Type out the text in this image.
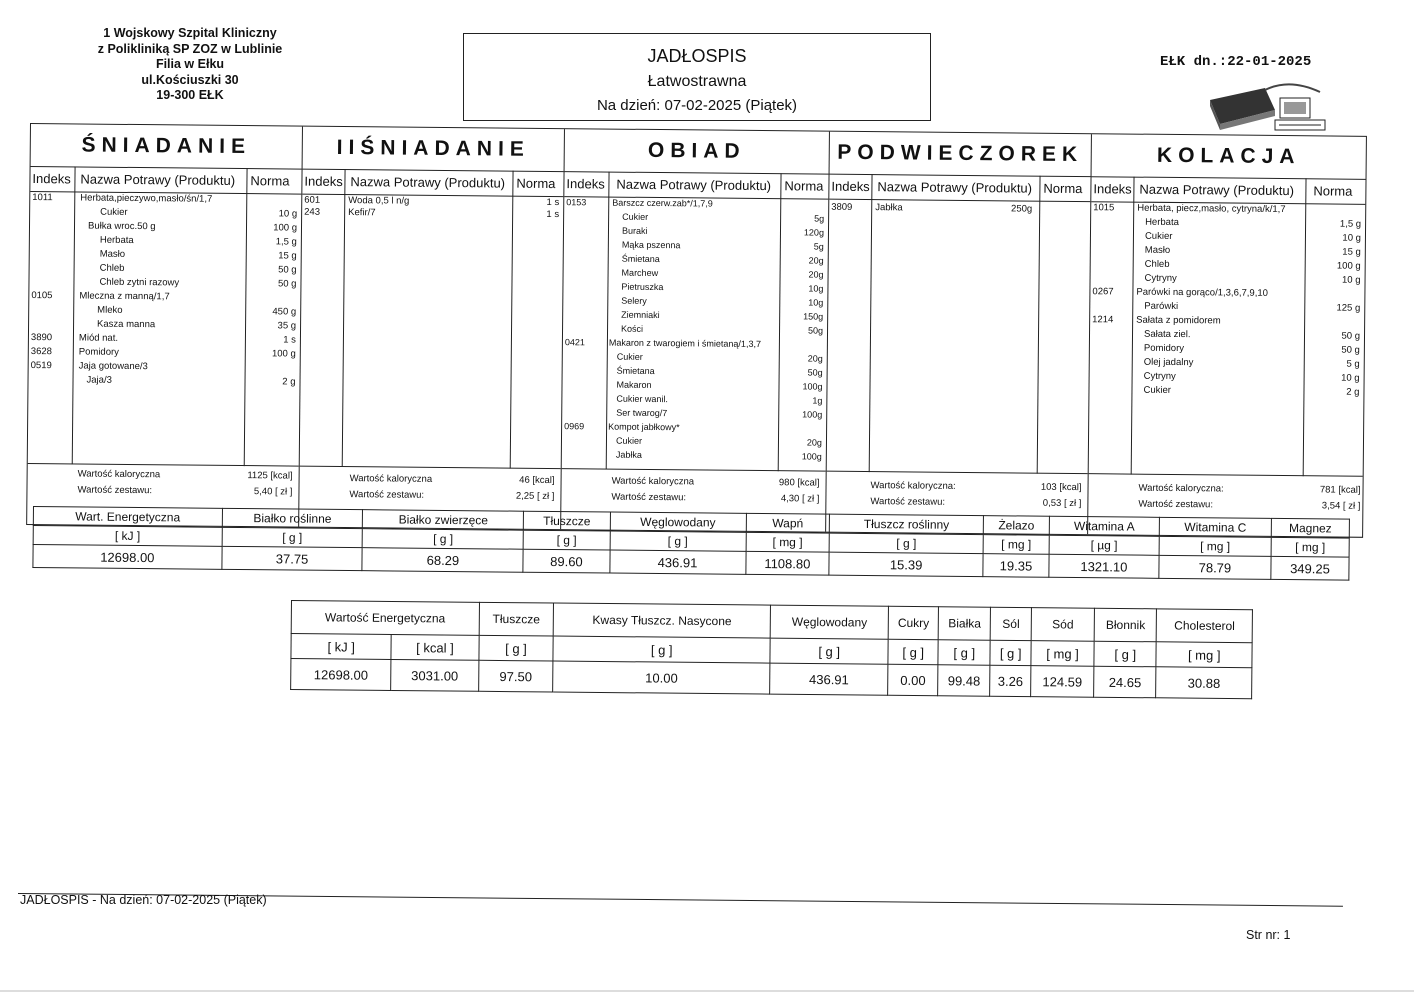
1 Wojskowy Szpital Kliniczny
z Polikliniką SP ZOZ w Lublinie
Filia w Ełku
ul.Kościuszki 30
19-300 EŁK
JADŁOSPIS
Łatwostrawna
Na dzień: 07-02-2025 (Piątek)
EŁK dn.:22-01-2025
ŚNIADANIE
Indeks Nazwa Potrawy (Produktu) Norma
1011	Herbata,pieczywo,masło/śn/1,7
Cukier	10 g
Bułka wroc.50 g	100 g
Herbata	1,5 g
Masło	15 g
Chleb	50 g
Chleb zytni razowy	50 g
0105	Mleczna z manną/1,7
Mleko	450 g
Kasza manna	35 g
3890	Miód nat.	1 s
3628	Pomidory	100 g
0519	Jaja gotowane/3
Jaja/3	2 g
Wartość kaloryczna	1125 [kcal]
Wartość zestawu:	5,40 [ zł ]
IIŚNIADANIE
Indeks Nazwa Potrawy (Produktu) Norma
601	Woda 0,5 l n/g	1 s
243	Kefir/7	1 s
Wartość kaloryczna	46 [kcal]
Wartość zestawu:	2,25 [ zł ]
OBIAD
Indeks Nazwa Potrawy (Produktu) Norma
0153	Barszcz czerw.zab*/1,7,9
Cukier	5g
Buraki	120g
Mąka pszenna	5g
Śmietana	20g
Marchew	20g
Pietruszka	10g
Selery	10g
Ziemniaki	150g
Kości	50g
0421	Makaron z twarogiem i śmietaną/1,3,7
Cukier	20g
Śmietana	50g
Makaron	100g
Cukier wanil.	1g
Ser twarog/7	100g
0969	Kompot jabłkowy*
Cukier	20g
Jabłka	100g
Wartość kaloryczna	980 [kcal]
Wartość zestawu:	4,30 [ zł ]
PODWIECZOREK
Indeks Nazwa Potrawy (Produktu) Norma
3809 Jabłka	250g
Wartość kaloryczna:	103 [kcal]
Wartość zestawu:	0,53 [ zł ]
KOLACJA
Indeks Nazwa Potrawy (Produktu) Norma
1015 Herbata, piecz,masło, cytryna/k/1,7
Herbata	1,5 g
Cukier	10 g
Masło	15 g
Chleb	100 g
Cytryny	10 g
0267 Parówki na gorąco/1,3,6,7,9,10
Parówki	125 g
1214 Sałata z pomidorem
Sałata ziel.	50 g
Pomidory	50 g
Olej jadalny	5 g
Cytryny	10 g
Cukier	2 g
Wartość kaloryczna:	781 [kcal]
Wartość zestawu:	3,54 [ zł ]
Wart. Energetyczna	Białko roślinne	Białko zwierzęce	Tłuszcze	Węglowodany	Wapń	Tłuszcz roślinny	Żelazo	Witamina A	Witamina C	Magnez
[ kJ ]	[ g ]	[ g ]	[ g ]	[ g ]	[ mg ]	[ g ]	[ mg ]	[ µg ]	[ mg ]	[ mg ]
12698.00	37.75	68.29	89.60	436.91	1108.80	15.39	19.35	1321.10	78.79	349.25
Wartość Energetyczna		Tłuszcze	Kwasy Tłuszcz. Nasycone	Węglowodany	Cukry	Białka	Sól	Sód	Błonnik	Cholesterol
[ kJ ]	[ kcal ]	[ g ]	[ g ]	[ g ]	[ g ]	[ g ]	[ g ]	[ mg ]	[ g ]	[ mg ]
12698.00	3031.00	97.50	10.00	436.91	0.00	99.48	3.26	124.59	24.65	30.88
JADŁOSPIS - Na dzień: 07-02-2025 (Piątek)
Str nr: 1
